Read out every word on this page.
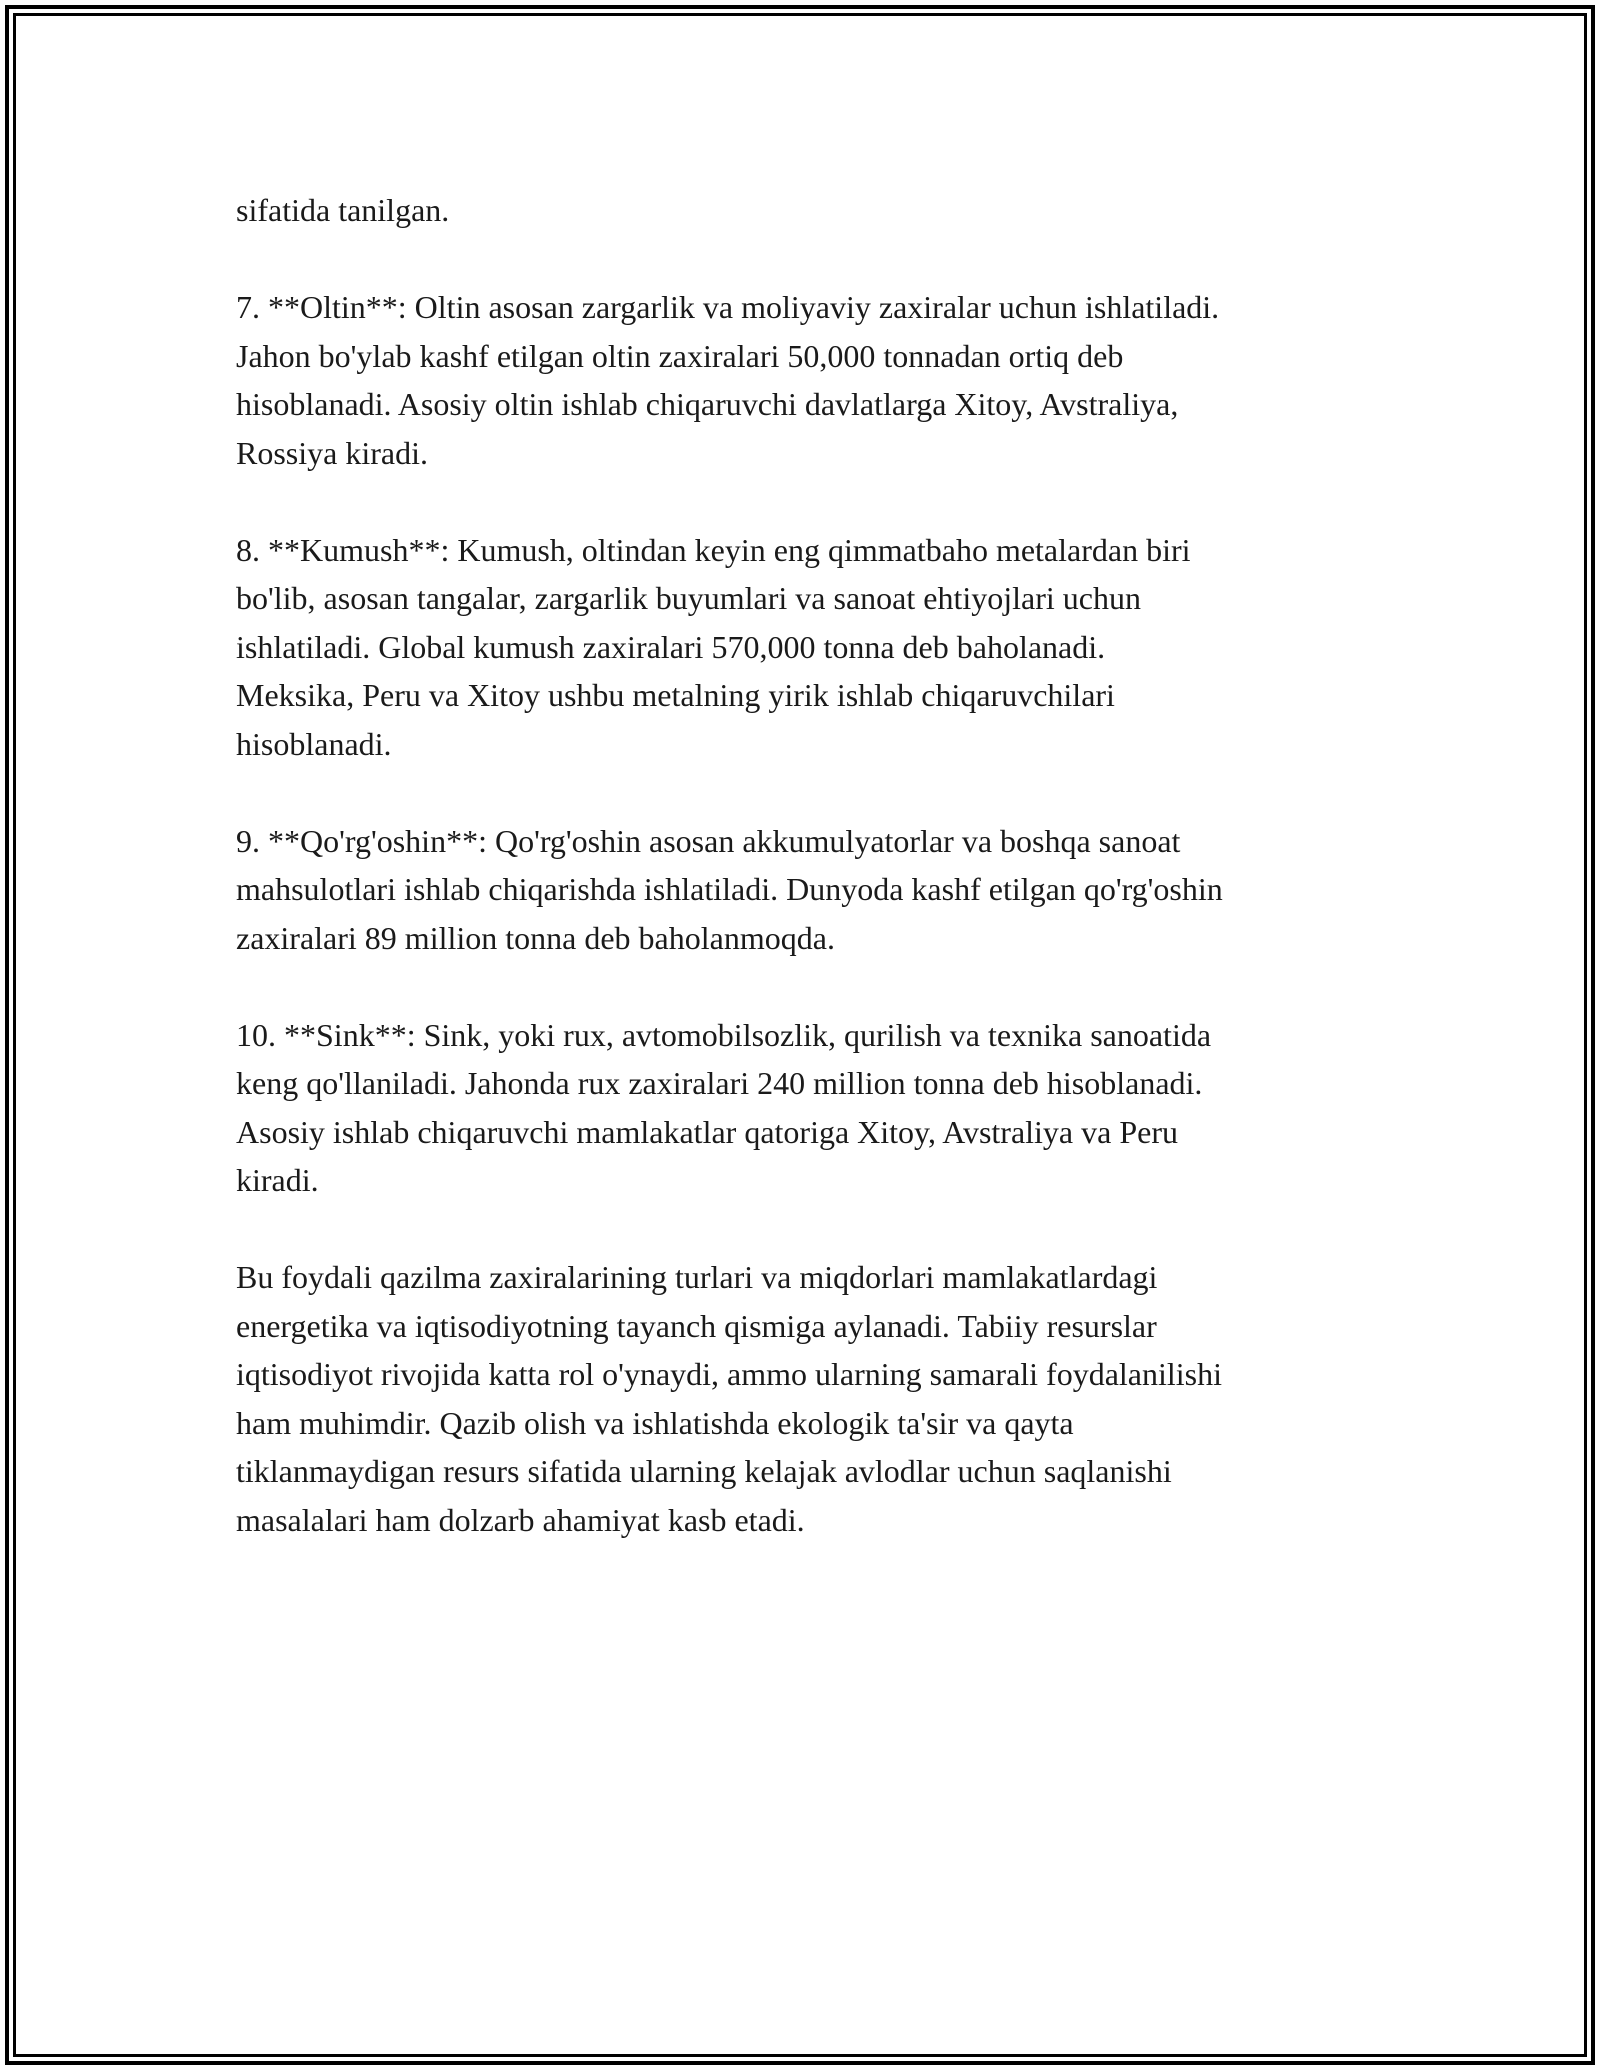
sifatida tanilgan.

7. **Oltin**: Oltin asosan zargarlik va moliyaviy zaxiralar uchun ishlatiladi.
Jahon bo'ylab kashf etilgan oltin zaxiralari 50,000 tonnadan ortiq deb
hisoblanadi. Asosiy oltin ishlab chiqaruvchi davlatlarga Xitoy, Avstraliya,
Rossiya kiradi.

8. **Kumush**: Kumush, oltindan keyin eng qimmatbaho metalardan biri
bo'lib, asosan tangalar, zargarlik buyumlari va sanoat ehtiyojlari uchun
ishlatiladi. Global kumush zaxiralari 570,000 tonna deb baholanadi.
Meksika, Peru va Xitoy ushbu metalning yirik ishlab chiqaruvchilari
hisoblanadi.

9. **Qo'rg'oshin**: Qo'rg'oshin asosan akkumulyatorlar va boshqa sanoat
mahsulotlari ishlab chiqarishda ishlatiladi. Dunyoda kashf etilgan qo'rg'oshin
zaxiralari 89 million tonna deb baholanmoqda.

10. **Sink**: Sink, yoki rux, avtomobilsozlik, qurilish va texnika sanoatida
keng qo'llaniladi. Jahonda rux zaxiralari 240 million tonna deb hisoblanadi.
Asosiy ishlab chiqaruvchi mamlakatlar qatoriga Xitoy, Avstraliya va Peru
kiradi.

Bu foydali qazilma zaxiralarining turlari va miqdorlari mamlakatlardagi
energetika va iqtisodiyotning tayanch qismiga aylanadi. Tabiiy resurslar
iqtisodiyot rivojida katta rol o'ynaydi, ammo ularning samarali foydalanilishi
ham muhimdir. Qazib olish va ishlatishda ekologik ta'sir va qayta
tiklanmaydigan resurs sifatida ularning kelajak avlodlar uchun saqlanishi
masalalari ham dolzarb ahamiyat kasb etadi.
